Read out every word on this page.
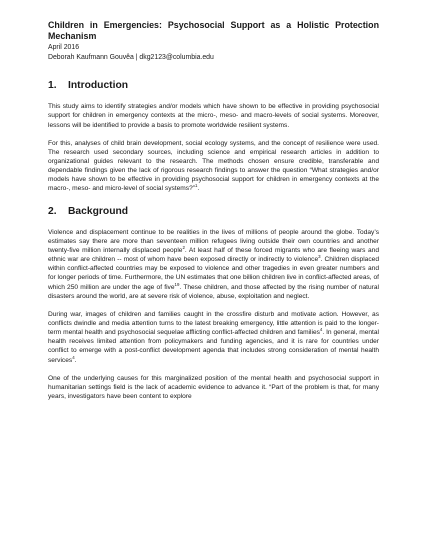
Children in Emergencies: Psychosocial Support as a Holistic Protection Mechanism

April 2016

Deborah Kaufmann Gouvêa | dkg2123@columbia.edu

1.	Introduction

This study aims to identify strategies and/or models which have shown to be effective in providing psychosocial support for children in emergency contexts at the micro-, meso- and macro-levels of social systems. Moreover, lessons will be identified to provide a basis to promote worldwide resilient systems.

For this, analyses of child brain development, social ecology systems, and the concept of resilience were used. The research used secondary sources, including science and empirical research articles in addition to organizational guides relevant to the research. The methods chosen ensure credible, transferable and dependable findings given the lack of rigorous research findings to answer the question “What strategies and/or models have shown to be effective in providing psychosocial support for children in emergency contexts at the macro-, meso- and micro-level of social systems?”$^1$.

2.	Background

Violence and displacement continue to be realities in the lives of millions of people around the globe. Today’s estimates say there are more than seventeen million refugees living outside their own countries and another twenty-five million internally displaced people$^2$. At least half of these forced migrants who are fleeing wars and ethnic war are children -- most of whom have been exposed directly or indirectly to violence$^3$. Children displaced within conflict-affected countries may be exposed to violence and other tragedies in even greater numbers and for longer periods of time. Furthermore, the UN estimates that one billion children live in conflict-affected areas, of which 250 million are under the age of five$^{19}$. These children, and those affected by the rising number of natural disasters around the world, are at severe risk of violence, abuse, exploitation and neglect.

During war, images of children and families caught in the crossfire disturb and motivate action. However, as conflicts dwindle and media attention turns to the latest breaking emergency, little attention is paid to the longer-term mental health and psychosocial sequelae afflicting conflict-affected children and families$^4$. In general, mental health receives limited attention from policymakers and funding agencies, and it is rare for countries under conflict to emerge with a post-conflict development agenda that includes strong consideration of mental health services$^4$.

One of the underlying causes for this marginalized position of the mental health and psychosocial support in humanitarian settings field is the lack of academic evidence to advance it. “Part of the problem is that, for many years, investigators have been content to explore
